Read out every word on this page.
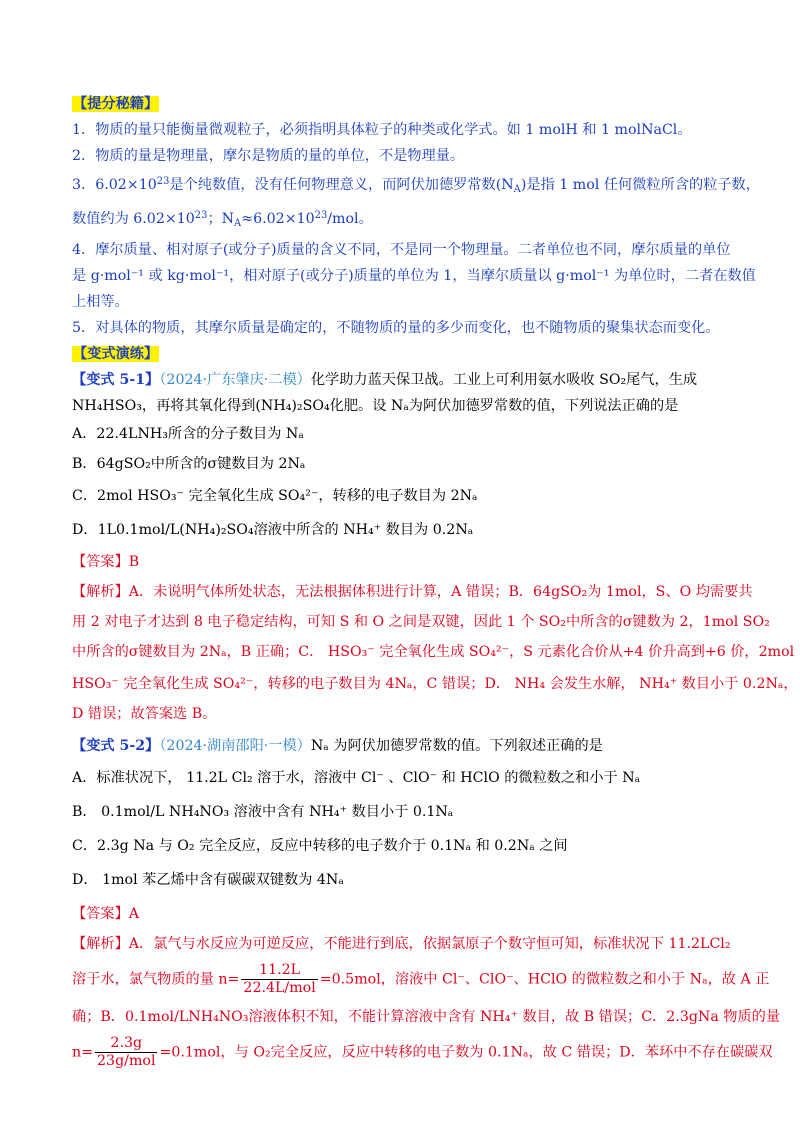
【提分秘籍】

1．物质的量只能衡量微观粒子，必须指明具体粒子的种类或化学式。如 1 molH 和 1 molNaCl。

2．物质的量是物理量，摩尔是物质的量的单位，不是物理量。

3．$6.02\times 10^{23}$是个纯数值，没有任何物理意义，而阿伏加德罗常数$(N_A)$是指 1 mol 任何微粒所含的粒子数，

数值约为 $6.02\times 10^{23}$；$N_A\approx 6.02\times 10^{23}$/mol。

4．摩尔质量、相对原子(或分子)质量的含义不同，不是同一个物理量。二者单位也不同，摩尔质量的单位

是 g·mol⁻¹ 或 kg·mol⁻¹，相对原子(或分子)质量的单位为 1，当摩尔质量以 g·mol⁻¹ 为单位时，二者在数值

上相等。

5．对具体的物质，其摩尔质量是确定的，不随物质的量的多少而变化，也不随物质的聚集状态而变化。

【变式演练】

【变式 5-1】（2024·广东肇庆·二模）化学助力蓝天保卫战。工业上可利用氨水吸收 SO₂尾气，生成

NH₄HSO₃，再将其氧化得到(NH₄)₂SO₄化肥。设 Nₐ为阿伏加德罗常数的值，下列说法正确的是

A．22.4LNH₃所含的分子数目为 Nₐ

B．64gSO₂中所含的σ键数目为 2Nₐ

C．2mol HSO₃⁻ 完全氧化生成 SO₄²⁻，转移的电子数目为 2Nₐ

D．1L0.1mol/L(NH₄)₂SO₄溶液中所含的 NH₄⁺ 数目为 0.2Nₐ

【答案】B

【解析】A．未说明气体所处状态，无法根据体积进行计算，A 错误；B．64gSO₂为 1mol，S、O 均需要共

用 2 对电子才达到 8 电子稳定结构，可知 S 和 O 之间是双键，因此 1 个 SO₂中所含的σ键数为 2，1mol SO₂

中所含的σ键数目为 2Nₐ，B 正确；C． HSO₃⁻ 完全氧化生成 SO₄²⁻，S 元素化合价从+4 价升高到+6 价，2mol

HSO₃⁻ 完全氧化生成 SO₄²⁻，转移的电子数目为 4Nₐ，C 错误；D． NH₄ 会发生水解， NH₄⁺ 数目小于 0.2Nₐ，

D 错误；故答案选 B。

【变式 5-2】（2024·湖南邵阳·一模）Nₐ 为阿伏加德罗常数的值。下列叙述正确的是

A．标准状况下， 11.2L Cl₂ 溶于水，溶液中 Cl⁻ 、ClO⁻ 和 HClO 的微粒数之和小于 Nₐ

B． 0.1mol/L NH₄NO₃ 溶液中含有 NH₄⁺ 数目小于 0.1Nₐ

C．2.3g Na 与 O₂ 完全反应，反应中转移的电子数介于 0.1Nₐ 和 0.2Nₐ 之间

D． 1mol 苯乙烯中含有碳碳双键数为 4Nₐ

【答案】A

【解析】A．氯气与水反应为可逆反应，不能进行到底，依据氯原子个数守恒可知，标准状况下 11.2LCl₂

溶于水，氯气物质的量 $n= \frac{11.2L}{\text{22.4L/mol}} =0.5mol$，溶液中 Cl⁻、ClO⁻、HClO 的微粒数之和小于 Nₐ，故 A 正

确；B．0.1mol/LNH₄NO₃溶液体积不知，不能计算溶液中含有 NH₄⁺ 数目，故 B 错误；C．2.3gNa 物质的量

$n= \frac{2.3g}{\text{23g/mol}} =0.1mol$，与 O₂完全反应，反应中转移的电子数为 0.1Nₐ，故 C 错误；D．苯环中不存在碳碳双
